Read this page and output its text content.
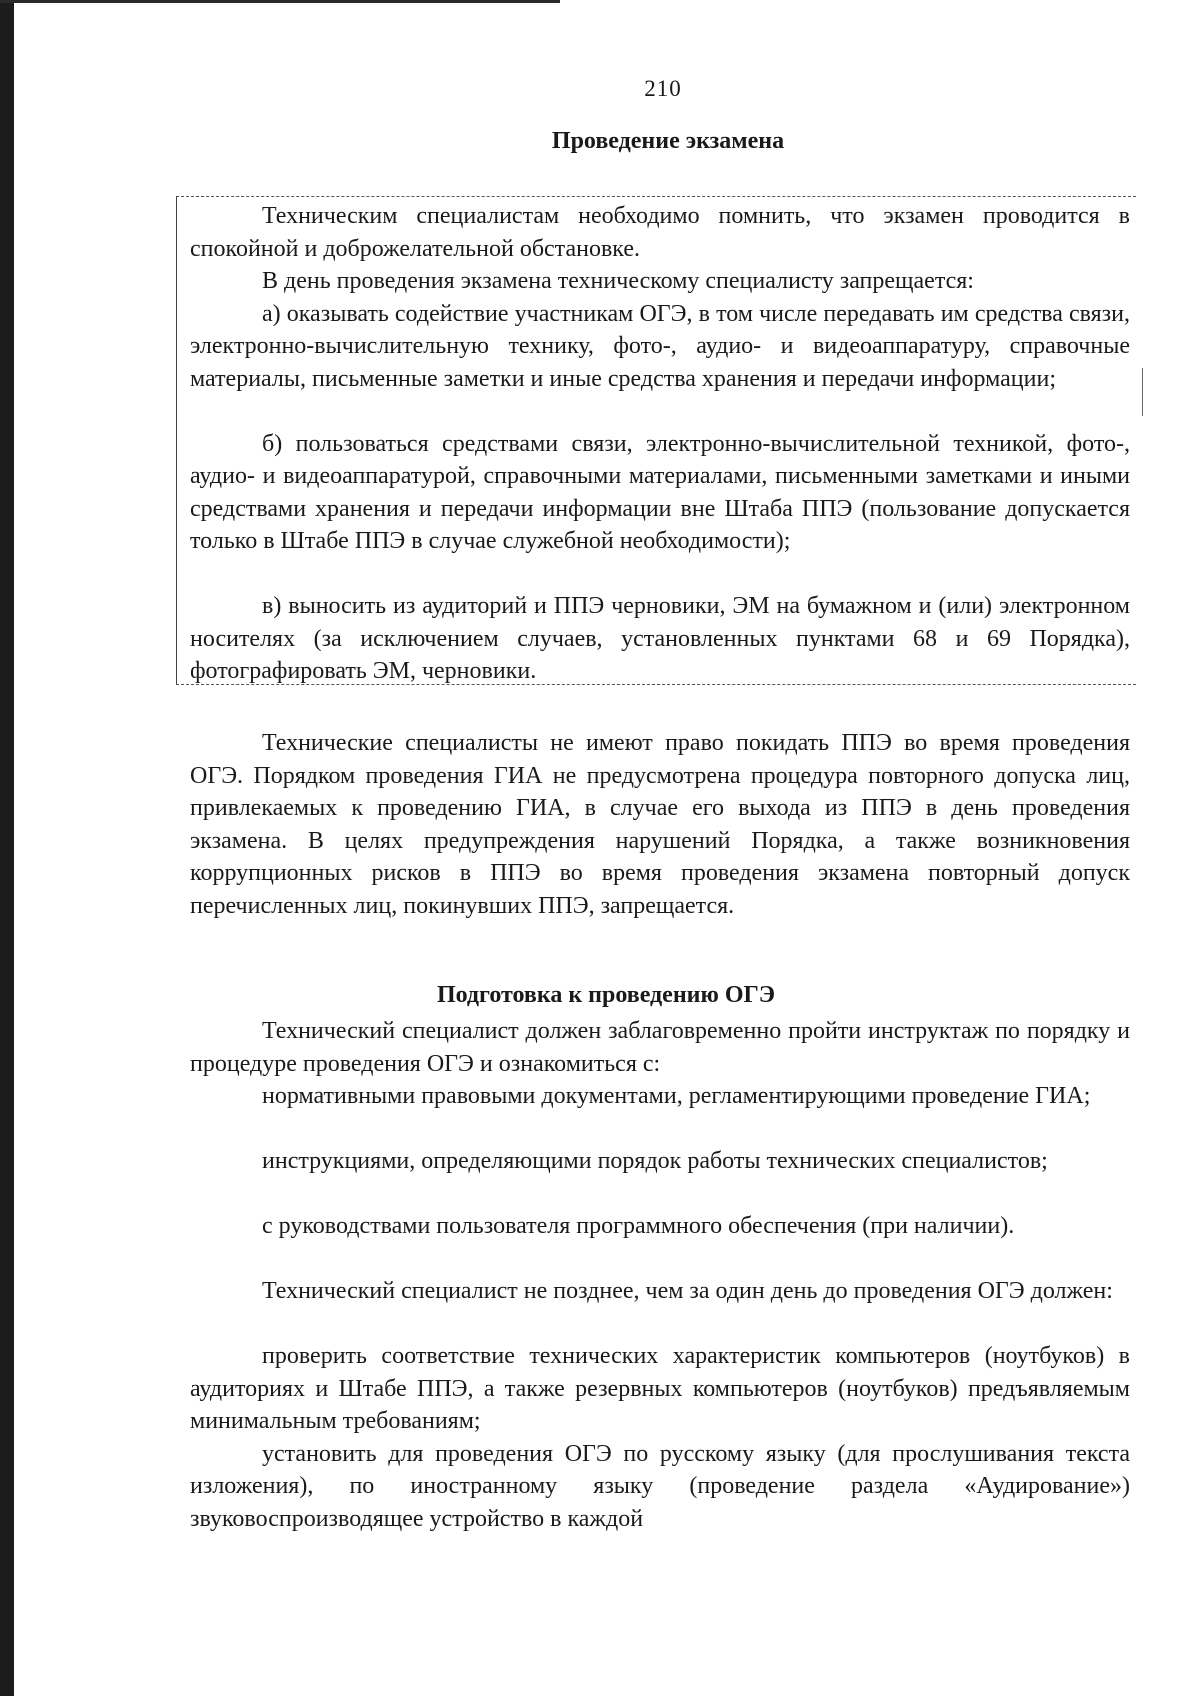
210
Проведение экзамена

Техническим специалистам необходимо помнить, что экзамен проводится в спокойной и доброжелательной обстановке.

В день проведения экзамена техническому специалисту запрещается:

а) оказывать содействие участникам ОГЭ, в том числе передавать им средства связи, электронно-вычислительную технику, фото-, аудио- и видеоаппаратуру, справочные материалы, письменные заметки и иные средства хранения и передачи информации;

б) пользоваться средствами связи, электронно-вычислительной техникой, фото-, аудио- и видеоаппаратурой, справочными материалами, письменными заметками и иными средствами хранения и передачи информации вне Штаба ППЭ (пользование допускается только в Штабе ППЭ в случае служебной необходимости);

в) выносить из аудиторий и ППЭ черновики, ЭМ на бумажном и (или) электронном носителях (за исключением случаев, установленных пунктами 68 и 69 Порядка), фотографировать ЭМ, черновики.

Технические специалисты не имеют право покидать ППЭ во время проведения ОГЭ. Порядком проведения ГИА не предусмотрена процедура повторного допуска лиц, привлекаемых к проведению ГИА, в случае его выхода из ППЭ в день проведения экзамена. В целях предупреждения нарушений Порядка, а также возникновения коррупционных рисков в ППЭ во время проведения экзамена повторный допуск перечисленных лиц, покинувших ППЭ, запрещается.

Подготовка к проведению ОГЭ

Технический специалист должен заблаговременно пройти инструктаж по порядку и процедуре проведения ОГЭ и ознакомиться с:

нормативными правовыми документами, регламентирующими проведение ГИА;

инструкциями, определяющими порядок работы технических специалистов;

с руководствами пользователя программного обеспечения (при наличии).

Технический специалист не позднее, чем за один день до проведения ОГЭ должен:

проверить соответствие технических характеристик компьютеров (ноутбуков) в аудиториях и Штабе ППЭ, а также резервных компьютеров (ноутбуков) предъявляемым минимальным требованиям;

установить для проведения ОГЭ по русскому языку (для прослушивания текста изложения), по иностранному языку (проведение раздела «Аудирование») звуковоспроизводящее устройство в каждой
